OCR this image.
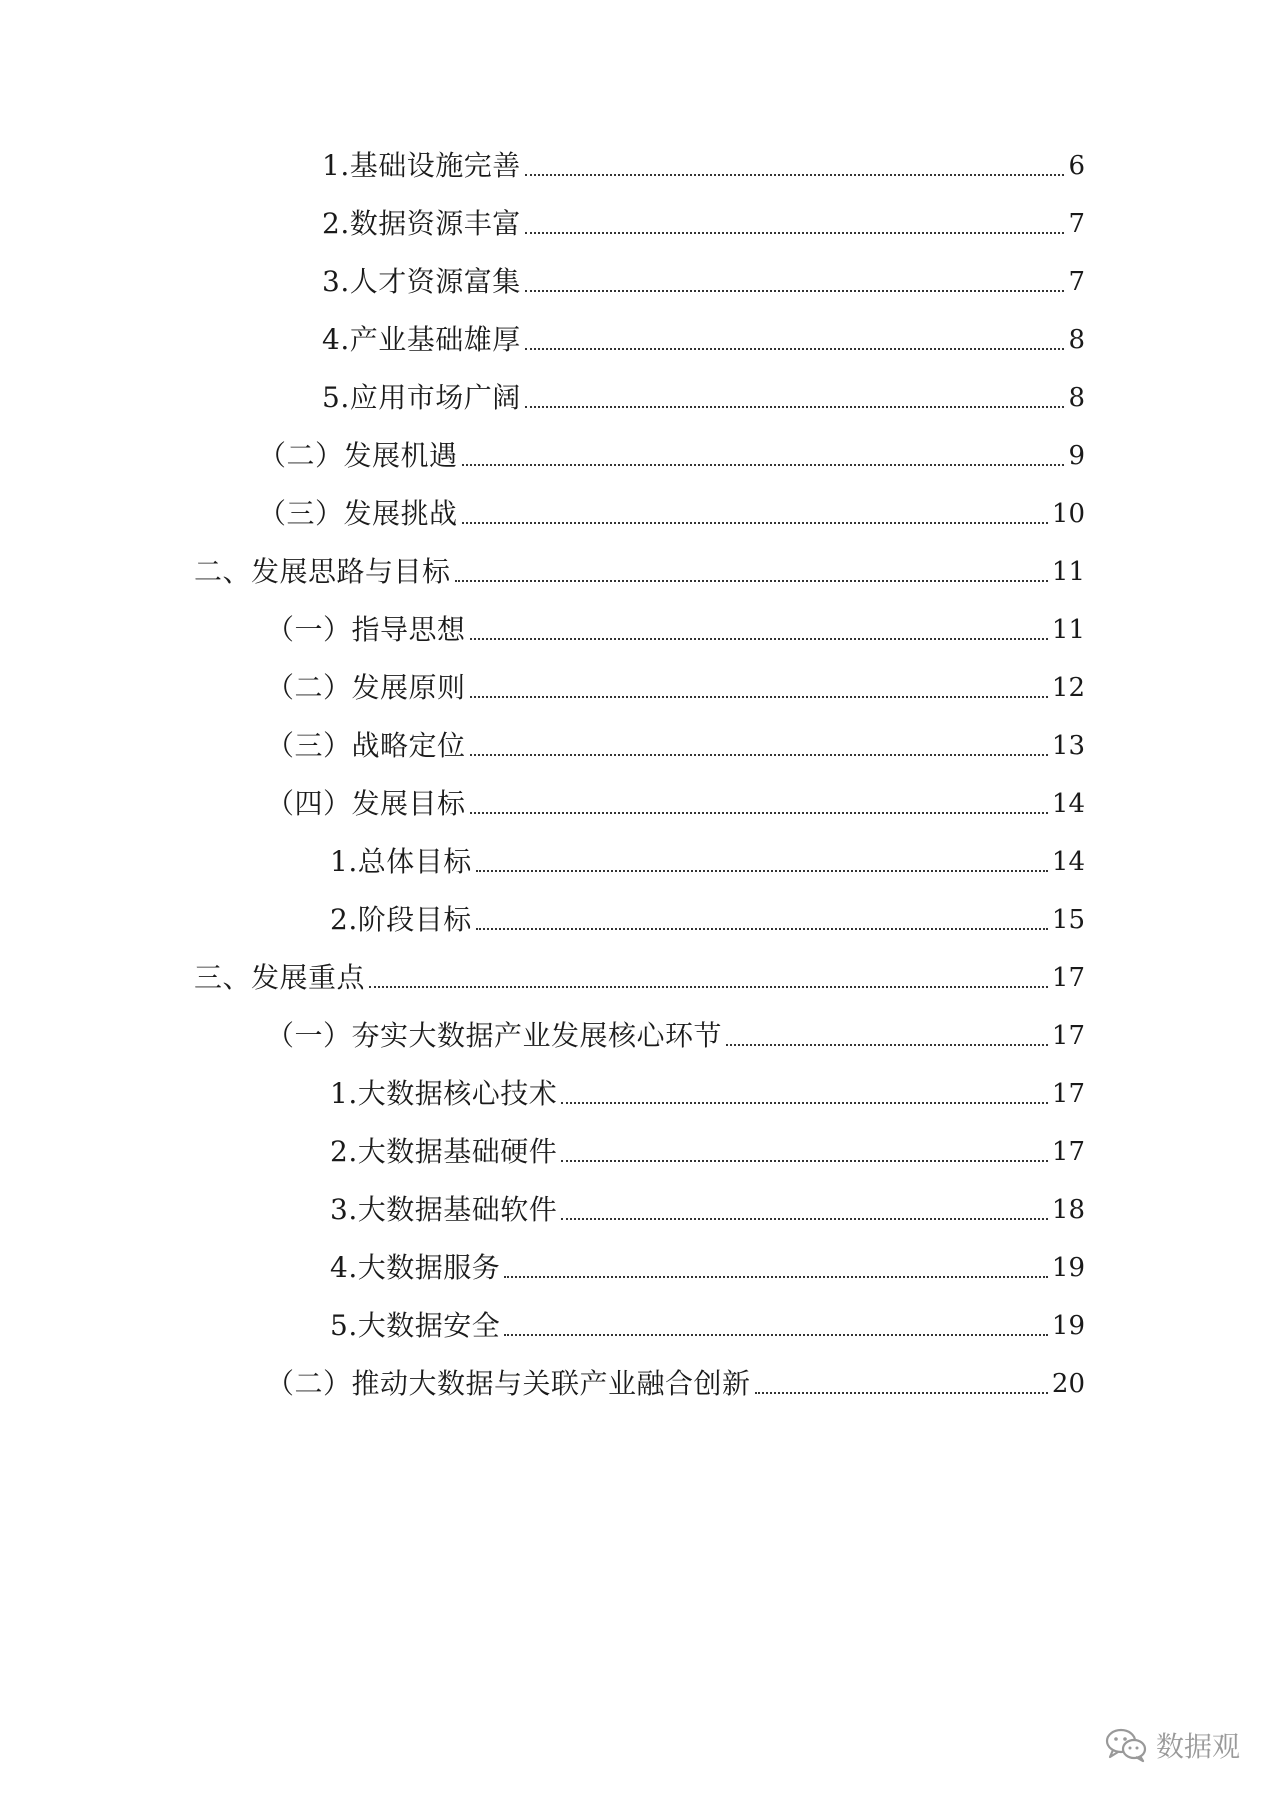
1.基础设施完善	6
2.数据资源丰富	7
3.人才资源富集	7
4.产业基础雄厚	8
5.应用市场广阔	8
（二）发展机遇	9
（三）发展挑战	10
二、发展思路与目标	11
（一）指导思想	11
（二）发展原则	12
（三）战略定位	13
（四）发展目标	14
1.总体目标	14
2.阶段目标	15
三、发展重点	17
（一）夯实大数据产业发展核心环节	17
1.大数据核心技术	17
2.大数据基础硬件	17
3.大数据基础软件	18
4.大数据服务	19
5.大数据安全	19
（二）推动大数据与关联产业融合创新	20
数据观
